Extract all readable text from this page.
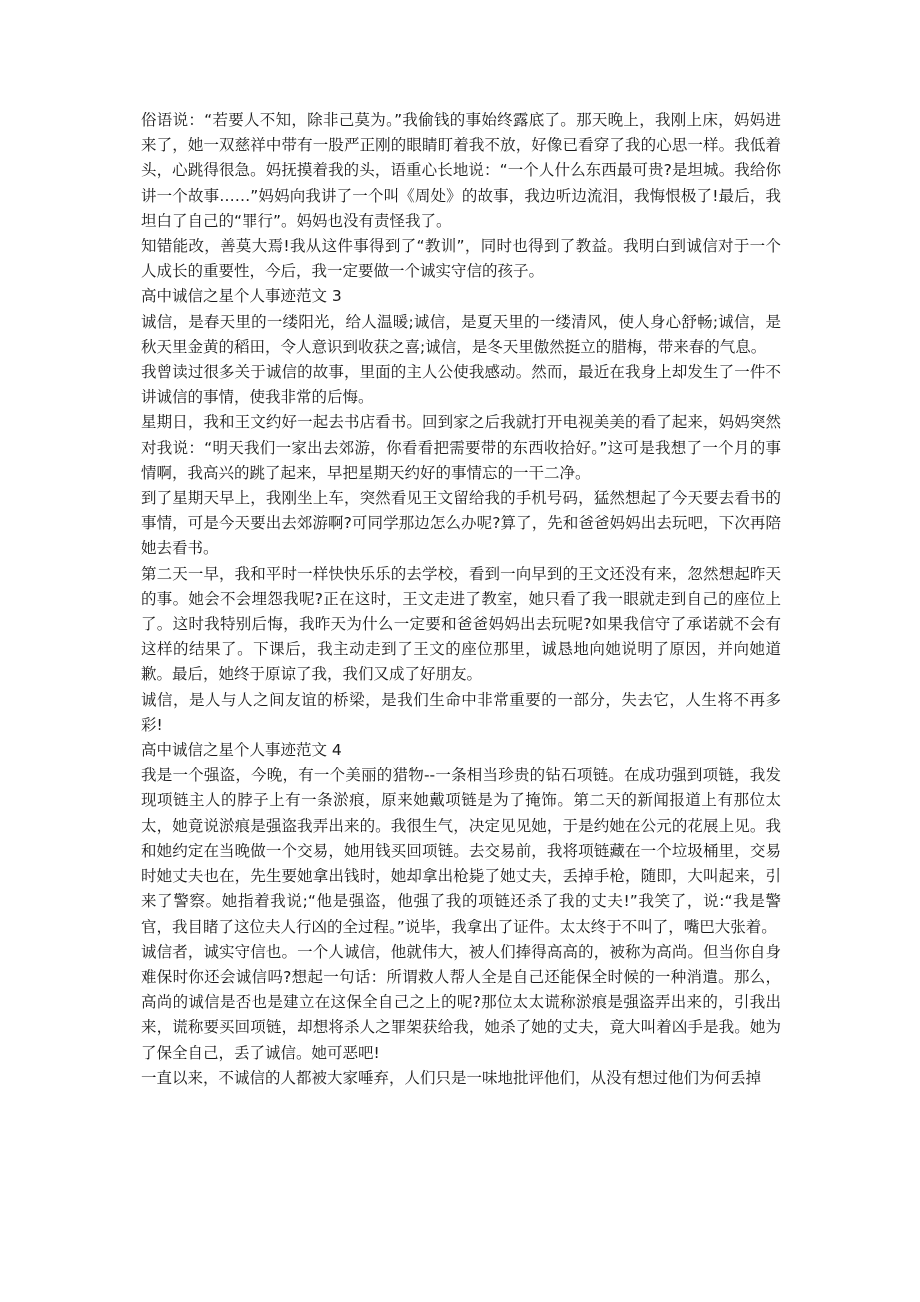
俗语说：“若要人不知，除非己莫为。”我偷钱的事始终露底了。那天晚上，我刚上床，妈妈进来了，她一双慈祥中带有一股严正刚的眼睛盯着我不放，好像已看穿了我的心思一样。我低着头，心跳得很急。妈抚摸着我的头，语重心长地说：“一个人什么东西最可贵?是坦城。我给你讲一个故事……”妈妈向我讲了一个叫《周处》的故事，我边听边流泪，我悔恨极了!最后，我坦白了自己的“罪行”。妈妈也没有责怪我了。

知错能改，善莫大焉!我从这件事得到了“教训”，同时也得到了教益。我明白到诚信对于一个人成长的重要性，今后，我一定要做一个诚实守信的孩子。

高中诚信之星个人事迹范文 3

诚信，是春天里的一缕阳光，给人温暖;诚信，是夏天里的一缕清风，使人身心舒畅;诚信，是秋天里金黄的稻田，令人意识到收获之喜;诚信，是冬天里傲然挺立的腊梅，带来春的气息。

我曾读过很多关于诚信的故事，里面的主人公使我感动。然而，最近在我身上却发生了一件不讲诚信的事情，使我非常的后悔。

星期日，我和王文约好一起去书店看书。回到家之后我就打开电视美美的看了起来，妈妈突然对我说：“明天我们一家出去郊游，你看看把需要带的东西收拾好。”这可是我想了一个月的事情啊，我高兴的跳了起来，早把星期天约好的事情忘的一干二净。

到了星期天早上，我刚坐上车，突然看见王文留给我的手机号码，猛然想起了今天要去看书的事情，可是今天要出去郊游啊?可同学那边怎么办呢?算了，先和爸爸妈妈出去玩吧，下次再陪她去看书。

第二天一早，我和平时一样快快乐乐的去学校，看到一向早到的王文还没有来，忽然想起昨天的事。她会不会埋怨我呢?正在这时，王文走进了教室，她只看了我一眼就走到自己的座位上了。这时我特别后悔，我昨天为什么一定要和爸爸妈妈出去玩呢?如果我信守了承诺就不会有这样的结果了。下课后，我主动走到了王文的座位那里，诚恳地向她说明了原因，并向她道歉。最后，她终于原谅了我，我们又成了好朋友。

诚信，是人与人之间友谊的桥梁，是我们生命中非常重要的一部分，失去它，人生将不再多彩!

高中诚信之星个人事迹范文 4

我是一个强盗，今晚，有一个美丽的猎物--一条相当珍贵的钻石项链。在成功强到项链，我发现项链主人的脖子上有一条淤痕，原来她戴项链是为了掩饰。第二天的新闻报道上有那位太太，她竟说淤痕是强盗我弄出来的。我很生气，决定见见她，于是约她在公元的花展上见。我和她约定在当晚做一个交易，她用钱买回项链。去交易前，我将项链藏在一个垃圾桶里，交易时她丈夫也在，先生要她拿出钱时，她却拿出枪毙了她丈夫，丢掉手枪，随即，大叫起来，引来了警察。她指着我说;“他是强盗，他强了我的项链还杀了我的丈夫!”我笑了，说:“我是警官，我目睹了这位夫人行凶的全过程。”说毕，我拿出了证件。太太终于不叫了，嘴巴大张着。

诚信者，诚实守信也。一个人诚信，他就伟大，被人们捧得高高的，被称为高尚。但当你自身难保时你还会诚信吗?想起一句话：所谓救人帮人全是自己还能保全时候的一种消遣。那么，高尚的诚信是否也是建立在这保全自己之上的呢?那位太太谎称淤痕是强盗弄出来的，引我出来，谎称要买回项链，却想将杀人之罪架获给我，她杀了她的丈夫，竟大叫着凶手是我。她为了保全自己，丢了诚信。她可恶吧!

一直以来，不诚信的人都被大家唾弃，人们只是一味地批评他们，从没有想过他们为何丢掉
